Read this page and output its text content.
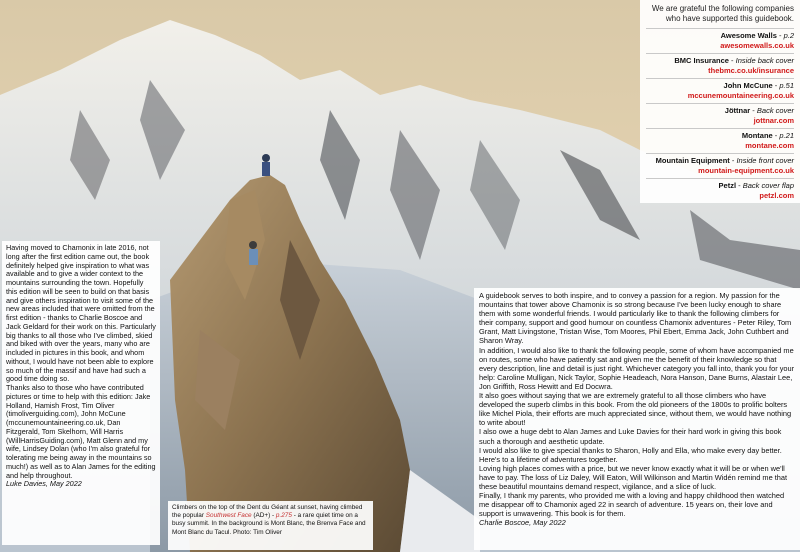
We are grateful the following companies who have supported this guidebook.
Awesome Walls - p.2
awesomewalls.co.uk
BMC Insurance - Inside back cover
thebmc.co.uk/insurance
John McCune - p.51
mccunemountaineering.co.uk
Jöttnar - Back cover
jottnar.com
Montane - p.21
montane.com
Mountain Equipment - Inside front cover
mountain-equipment.co.uk
Petzl - Back cover flap
petzl.com

Having moved to Chamonix in late 2016, not long after the first edition came out, the book definitely helped give inspiration to what was available and to give a wider context to the mountains surrounding the town. Hopefully this edition will be seen to build on that basis and give others inspiration to visit some of the new areas included that were omitted from the first edition - thanks to Charlie Boscoe and Jack Geldard for their work on this. Particularly big thanks to all those who I've climbed, skied and biked with over the years, many who are included in pictures in this book, and whom without, I would have not been able to explore so much of the massif and have had such a good time doing so.

Thanks also to those who have contributed pictures or time to help with this edition: Jake Holland, Hamish Frost, Tim Oliver (timoliverguiding.com), John McCune (mccunemountaineering.co.uk, Dan Fitzgerald, Tom Skelhorn, Will Harris (WillHarrisGuiding.com), Matt Glenn and my wife, Lindsey Dolan (who I'm also grateful for tolerating me being away in the mountains so much!) as well as to Alan James for the editing and help throughout.

Luke Davies, May 2022

Climbers on the top of the Dent du Géant at sunset, having climbed the popular Southwest Face (AD+) - p.275 - a rare quiet time on a busy summit. In the background is Mont Blanc, the Brenva Face and Mont Blanc du Tacul. Photo: Tim Oliver

A guidebook serves to both inspire, and to convey a passion for a region. My passion for the mountains that tower above Chamonix is so strong because I've been lucky enough to share them with some wonderful friends. I would particularly like to thank the following climbers for their company, support and good humour on countless Chamonix adventures - Peter Riley, Tom Grant, Matt Livingstone, Tristan Wise, Tom Moores, Phil Ebert, Emma Jack, John Cuthbert and Sharon Wray.

In addition, I would also like to thank the following people, some of whom have accompanied me on routes, some who have patiently sat and given me the benefit of their knowledge so that every description, line and detail is just right. Whichever category you fall into, thank you for your help: Caroline Mulligan, Nick Taylor, Sophie Headeach, Nora Hanson, Dane Burns, Alastair Lee, Jon Griffith, Ross Hewitt and Ed Docwra.

It also goes without saying that we are extremely grateful to all those climbers who have developed the superb climbs in this book. From the old pioneers of the 1800s to prolific bolters like Michel Piola, their efforts are much appreciated since, without them, we would have nothing to write about!

I also owe a huge debt to Alan James and Luke Davies for their hard work in giving this book such a thorough and aesthetic update.

I would also like to give special thanks to Sharon, Holly and Ella, who make every day better. Here's to a lifetime of adventures together.

Loving high places comes with a price, but we never know exactly what it will be or when we'll have to pay. The loss of Liz Daley, Will Eaton, Will Wilkinson and Martin Widén remind me that these beautiful mountains demand respect, vigilance, and a slice of luck.

Finally, I thank my parents, who provided me with a loving and happy childhood then watched me disappear off to Chamonix aged 22 in search of adventure. 15 years on, their love and support is unwavering. This book is for them.

Charlie Boscoe, May 2022
